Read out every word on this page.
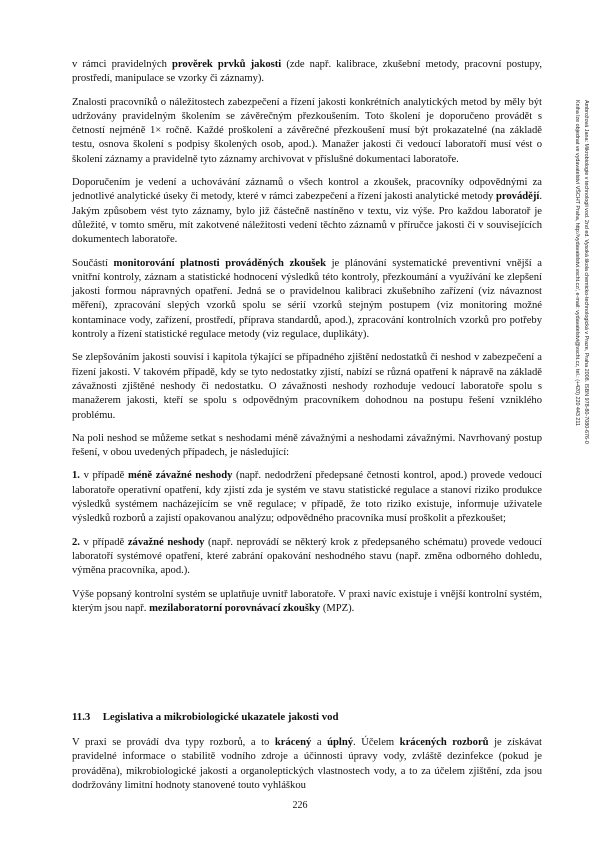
v rámci pravidelných prověrek prvků jakosti (zde např. kalibrace, zkušební metody, pracovní postupy, prostředí, manipulace se vzorky či záznamy).

Znalosti pracovníků o náležitostech zabezpečení a řízení jakosti konkrétních analytických metod by měly být udržovány pravidelným školením se závěrečným přezkoušením. Toto školení je doporučeno provádět s četností nejméně 1× ročně. Každé proškolení a závěrečné přezkoušení musí být prokazatelné (na základě testu, osnova školení s podpisy školených osob, apod.). Manažer jakosti či vedoucí laboratoří musí vést o školení záznamy a pravidelně tyto záznamy archivovat v příslušné dokumentaci laboratoře.

Doporučením je vedení a uchovávání záznamů o všech kontrol a zkoušek, pracovníky odpovědnými za jednotlivé analytické úseky či metody, které v rámci zabezpečení a řízení jakosti analytické metody provádějí. Jakým způsobem vést tyto záznamy, bylo již částečně nastíněno v textu, viz výše. Pro každou laboratoř je důležité, v tomto směru, mít zakotvené náležitosti vedení těchto záznamů v příručce jakosti či v souvisejících dokumentech laboratoře.

Součástí monitorování platnosti prováděných zkoušek je plánování systematické preventivní vnější a vnitřní kontroly, záznam a statistické hodnocení výsledků této kontroly, přezkoumání a využívání ke zlepšení jakosti formou nápravných opatření. Jedná se o pravidelnou kalibraci zkušebního zařízení (viz návaznost měření), zpracování slepých vzorků spolu se sérií vzorků stejným postupem (viz monitoring možné kontaminace vody, zařízení, prostředí, příprava standardů, apod.), zpracování kontrolních vzorků pro potřeby kontroly a řízení statistické regulace metody (viz regulace, duplikáty).

Se zlepšováním jakosti souvisí i kapitola týkající se případného zjištění nedostatků či neshod v zabezpečení a řízení jakosti. V takovém případě, kdy se tyto nedostatky zjistí, nabízí se různá opatření k nápravě na základě závažnosti zjištěné neshody či nedostatku. O závažnosti neshody rozhoduje vedoucí laboratoře spolu s manažerem jakosti, kteří se spolu s odpovědným pracovníkem dohodnou na postupu řešení vzniklého problému.

Na poli neshod se můžeme setkat s neshodami méně závažnými a neshodami závažnými. Navrhovaný postup řešení, v obou uvedených případech, je následující:

1. v případě méně závažné neshody (např. nedodržení předepsané četnosti kontrol, apod.) provede vedoucí laboratoře operativní opatření, kdy zjistí zda je systém ve stavu statistické regulace a stanoví riziko produkce výsledků systémem nacházejícím se vně regulace; v případě, že toto riziko existuje, informuje uživatele výsledků rozborů a zajistí opakovanou analýzu; odpovědného pracovníka musí proškolit a přezkoušet;

2. v případě závažné neshody (např. neprovádí se některý krok z předepsaného schématu) provede vedoucí laboratoří systémové opatření, které zabrání opakování neshodného stavu (např. změna odborného dohledu, výměna pracovníka, apod.).

Výše popsaný kontrolní systém se uplatňuje uvnitř laboratoře. V praxi navíc existuje i vnější kontrolní systém, kterým jsou např. mezilaboratorní porovnávací zkoušky (MPZ).

11.3 Legislativa a mikrobiologické ukazatele jakosti vod

V praxi se provádí dva typy rozborů, a to krácený a úplný. Účelem krácených rozborů je získávat pravidelné informace o stabilitě vodního zdroje a účinnosti úpravy vody, zvláště dezinfekce (pokud je prováděna), mikrobiologické jakosti a organoleptických vlastnostech vody, a to za účelem zjištění, zda jsou dodržovány limitní hodnoty stanovené touto vyhláškou

226
Ambrožová Jana: Mikrobiologie v technologii vod. 2nd ed. Vysoká škola chemicko-technologická v Praze, Praha 2008. ISBN 978-80-7080-676-0
Kniha lze objednat ve vydavatelství VŠCHT Praha, http://vydavatelstvi.vscht.cz/, e-mail: vydavatelstvi@vscht.cz, tel.: (+420) 220 443 211
